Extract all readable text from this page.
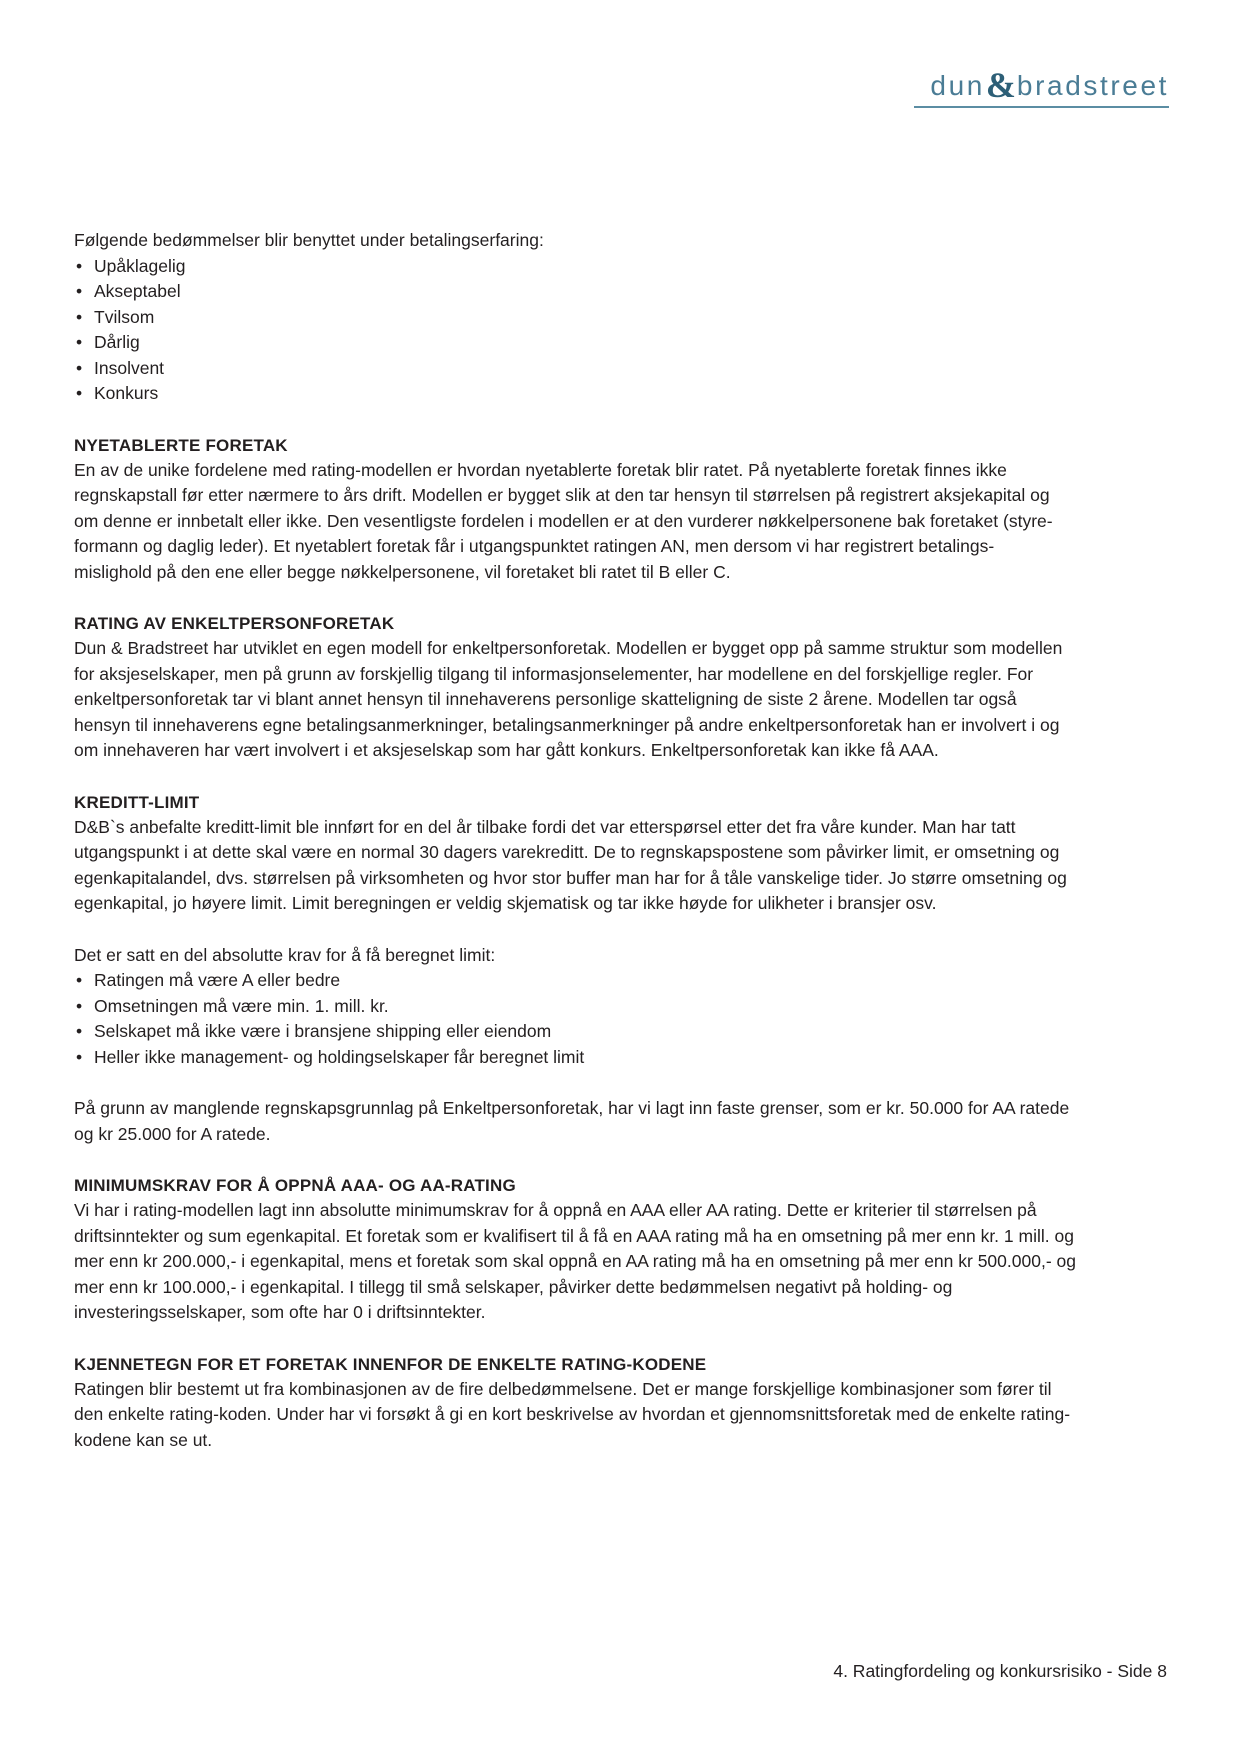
dun & bradstreet

Følgende bedømmelser blir benyttet under betalingserfaring:

• Upåklagelig
• Akseptabel
• Tvilsom
• Dårlig
• Insolvent
• Konkurs
NYETABLERTE FORETAK

En av de unike fordelene med rating-modellen er hvordan nyetablerte foretak blir ratet. På nyetablerte foretak finnes ikke regnskapstall før etter nærmere to års drift. Modellen er bygget slik at den tar hensyn til størrelsen på registrert aksjekapital og om denne er innbetalt eller ikke. Den vesentligste fordelen i modellen er at den vurderer nøkkelpersonene bak foretaket (styre- formann og daglig leder). Et nyetablert foretak får i utgangspunktet ratingen AN, men dersom vi har registrert betalings- mislighold på den ene eller begge nøkkelpersonene, vil foretaket bli ratet til B eller C.

RATING AV ENKELTPERSONFORETAK

Dun & Bradstreet har utviklet en egen modell for enkeltpersonforetak. Modellen er bygget opp på samme struktur som modellen for aksjeselskaper, men på grunn av forskjellig tilgang til informasjonselementer, har modellene en del forskjellige regler. For enkeltpersonforetak tar vi blant annet hensyn til innehaverens personlige skatteligning de siste 2 årene. Modellen tar også hensyn til innehaverens egne betalingsanmerkninger, betalingsanmerkninger på andre enkeltpersonforetak han er involvert i og om innehaveren har vært involvert i et aksjeselskap som har gått konkurs. Enkeltpersonforetak kan ikke få AAA.

KREDITT-LIMIT

D&B`s anbefalte kreditt-limit ble innført for en del år tilbake fordi det var etterspørsel etter det fra våre kunder. Man har tatt utgangspunkt i at dette skal være en normal 30 dagers varekreditt. De to regnskapspostene som påvirker limit, er omsetning og egenkapitalandel, dvs. størrelsen på virksomheten og hvor stor buffer man har for å tåle vanskelige tider. Jo større omsetning og egenkapital, jo høyere limit. Limit beregningen er veldig skjematisk og tar ikke høyde for ulikheter i bransjer osv.

Det er satt en del absolutte krav for å få beregnet limit:

• Ratingen må være A eller bedre
• Omsetningen må være min. 1. mill. kr.
• Selskapet må ikke være i bransjene shipping eller eiendom
• Heller ikke management- og holdingselskaper får beregnet limit

På grunn av manglende regnskapsgrunnlag på Enkeltpersonforetak, har vi lagt inn faste grenser, som er kr. 50.000 for AA ratede og kr 25.000 for A ratede.

MINIMUMSKRAV FOR Å OPPNÅ AAA- OG AA-RATING

Vi har i rating-modellen lagt inn absolutte minimumskrav for å oppnå en AAA eller AA rating. Dette er kriterier til størrelsen på driftsinntekter og sum egenkapital. Et foretak som er kvalifisert til å få en AAA rating må ha en omsetning på mer enn kr. 1 mill. og mer enn kr 200.000,- i egenkapital, mens et foretak som skal oppnå en AA rating må ha en omsetning på mer enn kr 500.000,- og mer enn kr 100.000,- i egenkapital. I tillegg til små selskaper, påvirker dette bedømmelsen negativt på holding- og investeringsselskaper, som ofte har 0 i driftsinntekter.

KJENNETEGN FOR ET FORETAK INNENFOR DE ENKELTE RATING-KODENE

Ratingen blir bestemt ut fra kombinasjonen av de fire delbedømmelsene. Det er mange forskjellige kombinasjoner som fører til den enkelte rating-koden. Under har vi forsøkt å gi en kort beskrivelse av hvordan et gjennomsnittsforetak med de enkelte rating-kodene kan se ut.

4. Ratingfordeling og konkursrisiko - Side 8
